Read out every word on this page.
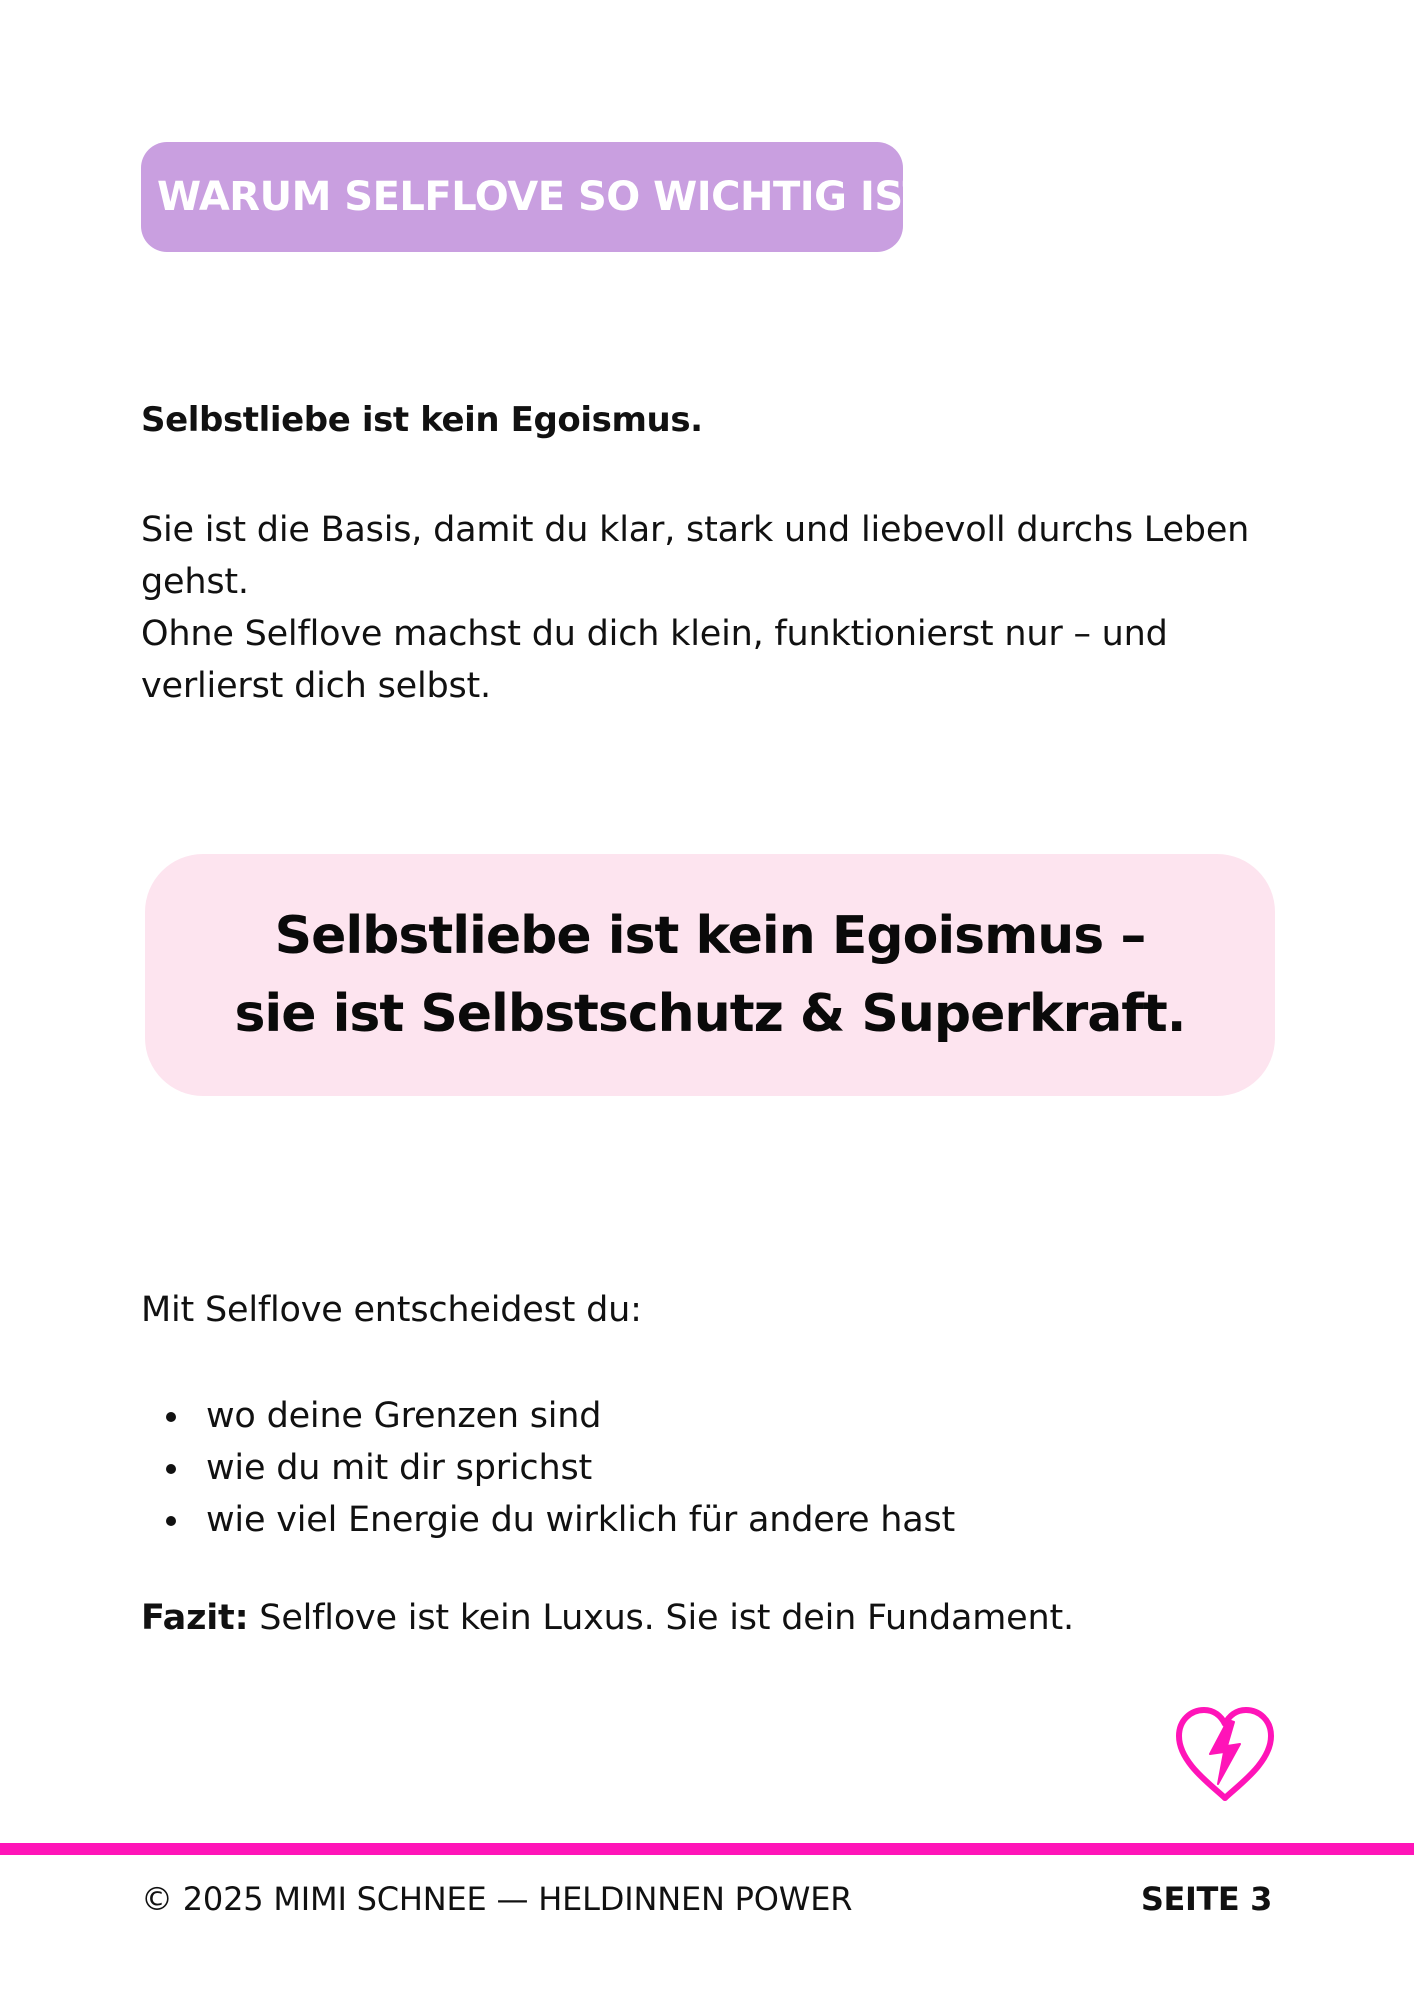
WARUM SELFLOVE SO WICHTIG IST
Selbstliebe ist kein Egoismus.

Sie ist die Basis, damit du klar, stark und liebevoll durchs Leben gehst.

Ohne Selflove machst du dich klein, funktionierst nur – und verlierst dich selbst.

Selbstliebe ist kein Egoismus –
sie ist Selbstschutz & Superkraft.
Mit Selflove entscheidest du:
wo deine Grenzen sind
wie du mit dir sprichst
wie viel Energie du wirklich für andere hast
Fazit: Selflove ist kein Luxus. Sie ist dein Fundament.
© 2025 MIMI SCHNEE — HELDINNEN POWER	SEITE 3
